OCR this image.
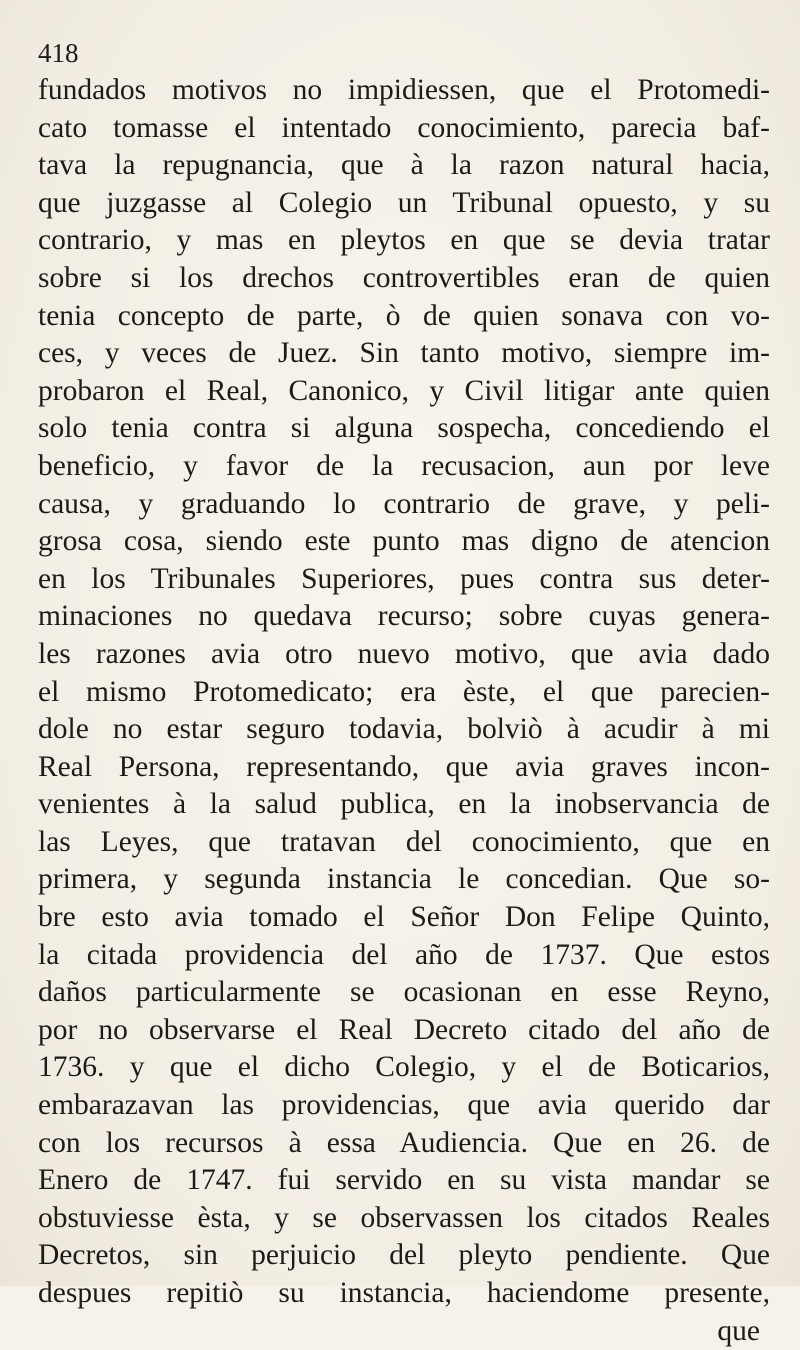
418
fundados motivos no impidiessen, que el Protomedi-
cato tomasse el intentado conocimiento, parecia baf-
tava la repugnancia, que à la razon natural hacia,
que juzgasse al Colegio un Tribunal opuesto, y su
contrario, y mas en pleytos en que se devia tratar
sobre si los drechos controvertibles eran de quien
tenia concepto de parte, ò de quien sonava con vo-
ces, y veces de Juez. Sin tanto motivo, siempre im-
probaron el Real, Canonico, y Civil litigar ante quien
solo tenia contra si alguna sospecha, concediendo el
beneficio, y favor de la recusacion, aun por leve
causa, y graduando lo contrario de grave, y peli-
grosa cosa, siendo este punto mas digno de atencion
en los Tribunales Superiores, pues contra sus deter-
minaciones no quedava recurso; sobre cuyas genera-
les razones avia otro nuevo motivo, que avia dado
el mismo Protomedicato; era èste, el que parecien-
dole no estar seguro todavia, bolviò à acudir à mi
Real Persona, representando, que avia graves incon-
venientes à la salud publica, en la inobservancia de
las Leyes, que tratavan del conocimiento, que en
primera, y segunda instancia le concedian. Que so-
bre esto avia tomado el Señor Don Felipe Quinto,
la citada providencia del año de 1737. Que estos
daños particularmente se ocasionan en esse Reyno,
por no observarse el Real Decreto citado del año de
1736. y que el dicho Colegio, y el de Boticarios,
embarazavan las providencias, que avia querido dar
con los recursos à essa Audiencia. Que en 26. de
Enero de 1747. fui servido en su vista mandar se
obstuviesse èsta, y se observassen los citados Reales
Decretos, sin perjuicio del pleyto pendiente. Que
despues repitiò su instancia, haciendome presente,
que
